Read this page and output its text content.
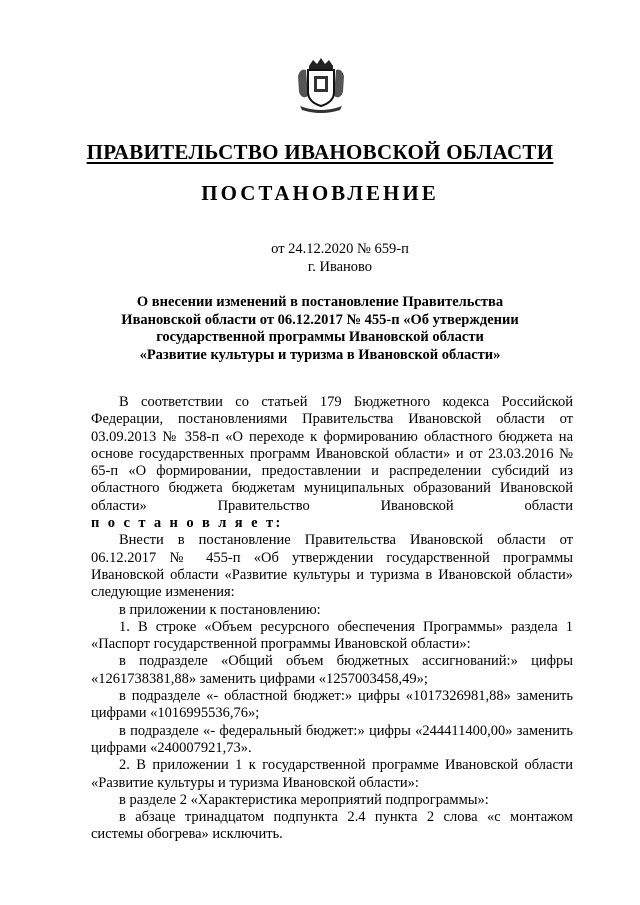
ПРАВИТЕЛЬСТВО ИВАНОВСКОЙ ОБЛАСТИ
ПОСТАНОВЛЕНИЕ
от 24.12.2020 № 659-п
г. Иваново
О внесении изменений в постановление Правительства
Ивановской области от 06.12.2017 № 455-п «Об утверждении
государственной программы Ивановской области
«Развитие культуры и туризма в Ивановской области»

В соответствии со статьей 179 Бюджетного кодекса Российской Федерации, постановлениями Правительства Ивановской области от 03.09.2013 № 358-п «О переходе к формированию областного бюджета на основе государственных программ Ивановской области» и от 23.03.2016 № 65-п «О формировании, предоставлении и распределении субсидий из областного бюджета бюджетам муниципальных образований Ивановской области» Правительство Ивановской области

п о с т а н о в л я е т:

Внести в постановление Правительства Ивановской области от 06.12.2017 № 455-п «Об утверждении государственной программы Ивановской области «Развитие культуры и туризма в Ивановской области» следующие изменения:

в приложении к постановлению:

1. В строке «Объем ресурсного обеспечения Программы» раздела 1 «Паспорт государственной программы Ивановской области»:

в подразделе «Общий объем бюджетных ассигнований:» цифры «1261738381,88» заменить цифрами «1257003458,49»;

в подразделе «- областной бюджет:» цифры «1017326981,88» заменить цифрами «1016995536,76»;

в подразделе «- федеральный бюджет:» цифры «244411400,00» заменить цифрами «240007921,73».

2. В приложении 1 к государственной программе Ивановской области «Развитие культуры и туризма Ивановской области»:

в разделе 2 «Характеристика мероприятий подпрограммы»:

в абзаце тринадцатом подпункта 2.4 пункта 2 слова «с монтажом системы обогрева» исключить.
